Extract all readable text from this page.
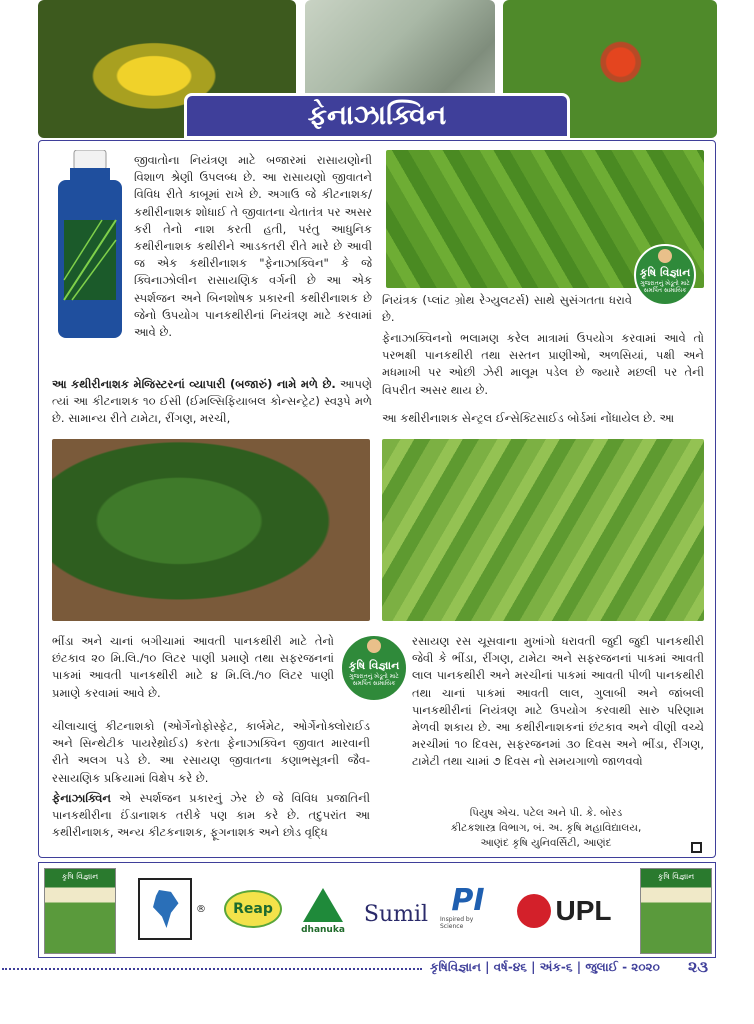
ફેનાઝાક્વિન
જીવાતોના નિયંત્રણ માટે બજારમાં રાસાયણોની વિશાળ શ્રેણી ઉપલબ્ધ છે. આ રાસાયણો જીવાતને વિવિધ રીતે કાબૂમાં રાખે છે. અગાઉ જે કીટનાશક/કથીરીનાશક શોધાઈ તે જીવાતના ચેતાતંત્ર પર અસર કરી તેનો નાશ કરતી હતી, પરંતુ આધુનિક કથીરીનાશક કથીરીને આડકતરી રીતે મારે છે આવી જ એક કથીરીનાશક "ફેનાઝાક્વિન" કે જે ક્વિનાઝોલીન રાસાયણિક વર્ગની છે આ એક સ્પર્શજન અને બિનશોષક પ્રકારની કથીરીનાશક છે જેનો ઉપયોગ પાનકથીરીનાં નિયંત્રણ માટે કરવામાં આવે છે.
આ કથીરીનાશક મેજિસ્ટરનાં વ્યાપારી (બજારું) નામે મળે છે. આપણે ત્યાં આ કીટનાશક ૧૦ ઈસી (ઈમલ્સિફિયાબલ કોન્સન્ટ્રેટ) સ્વરૂપે મળે છે. સામાન્ય રીતે ટામેટા, રીંગણ, મરચી,
કૃષિ વિજ્ઞાન
ગુજરાતનું ખેડૂતો માટે સમર્પિત સામાયિક
નિયંત્રક (પ્લાંટ ગ્રોથ રેગ્યુલટર્સ) સાથે સુસંગતતા ધરાવે છે.
ફેનાઝાક્વિનનો ભલામણ કરેલ માત્રામાં ઉપયોગ કરવામાં આવે તો પરભક્ષી પાનકથીરી તથા સસ્તન પ્રાણીઓ, અળસિયાં, પક્ષી અને મધમાખી પર ઓછી ઝેરી માલૂમ પડેલ છે જ્યારે મછલી પર તેની વિપરીત અસર થાય છે.
આ કથીરીનાશક સેન્ટ્રલ ઈન્સેક્ટિસાઈડ બોર્ડમાં નોંધાયેલ છે. આ
ભીંડા અને ચાનાં બગીચામાં આવતી પાનકથીરી માટે તેનો છંટકાવ ૨૦ મિ.લિ./૧૦ લિટર પાણી પ્રમાણે તથા સફરજનનાં પાકમાં આવતી પાનકથીરી માટે ૪ મિ.લિ./૧૦ લિટર પાણી પ્રમાણે કરવામાં આવે છે.
કૃષિ વિજ્ઞાન
ગુજરાતનું ખેડૂતો માટે સમર્પિત સામાયિક
ચીલાચાલું કીટનાશકો (ઓર્ગેનોફોસ્ફેટ, કાર્બમેટ, ઓર્ગેનોક્લોરાઈડ અને સિન્થેટીક પાયરેથ્રોઈડ) કરતા ફેનાઝાક્વિન જીવાત મારવાની રીતે અલગ પડે છે. આ રસાયણ જીવાતના કણાભસૂત્રની જૈવ-રસાયણિક પ્રક્રિયામાં વિક્ષેપ કરે છે.
ફેનાઝાક્વિન એ સ્પર્શજન પ્રકારનું ઝેર છે જે વિવિધ પ્રજાતિની પાનકથીરીના ઈંડાનાશક તરીકે પણ કામ કરે છે. તદુપરાંત આ કથીરીનાશક, અન્ય કીટકનાશક, ફૂગનાશક અને છોડ વૃદ્ધિ
રસાયણ રસ ચૂસવાના મુખાંગો ધરાવતી જુદી જુદી પાનકથીરી જેવી કે ભીંડા, રીંગણ, ટામેટા અને સફરજનનાં પાકમાં આવતી લાલ પાનકથીરી અને મરચીનાં પાકમાં આવતી પીળી પાનકથીરી તથા ચાનાં પાકમાં આવતી લાલ, ગુલાબી અને જાંબલી પાનકથીરીનાં નિયંત્રણ માટે ઉપયોગ કરવાથી સારુ પરિણામ મેળવી શકાય છે. આ કથીરીનાશકનાં છંટકાવ અને વીણી વચ્ચે મરચીમાં ૧૦ દિવસ, સફરજનમાં ૩૦ દિવસ અને ભીંડા, રીંગણ, ટામેટી તથા ચામાં ૭ દિવસ નો સમયગાળો જાળવવો
પિયુષ એચ. પટેલ અને પી. કે. બોરડ
કીટકશાસ્ત્ર વિભાગ, બં. અ. કૃષિ મહાવિદ્યાલય,
આણંદ કૃષિ યુનિવર્સિટી, આણંદ
કૃષિ વિજ્ઞાન	કૃષિ વિજ્ઞાન
® Reap
dhanuka
Sumil PI
Inspired by Science
UPL
કૃષિવિજ્ઞાન | વર્ષ-૪૬ | અંક-૬ | જુલાઈ - ૨૦૨૦ ૨૩
